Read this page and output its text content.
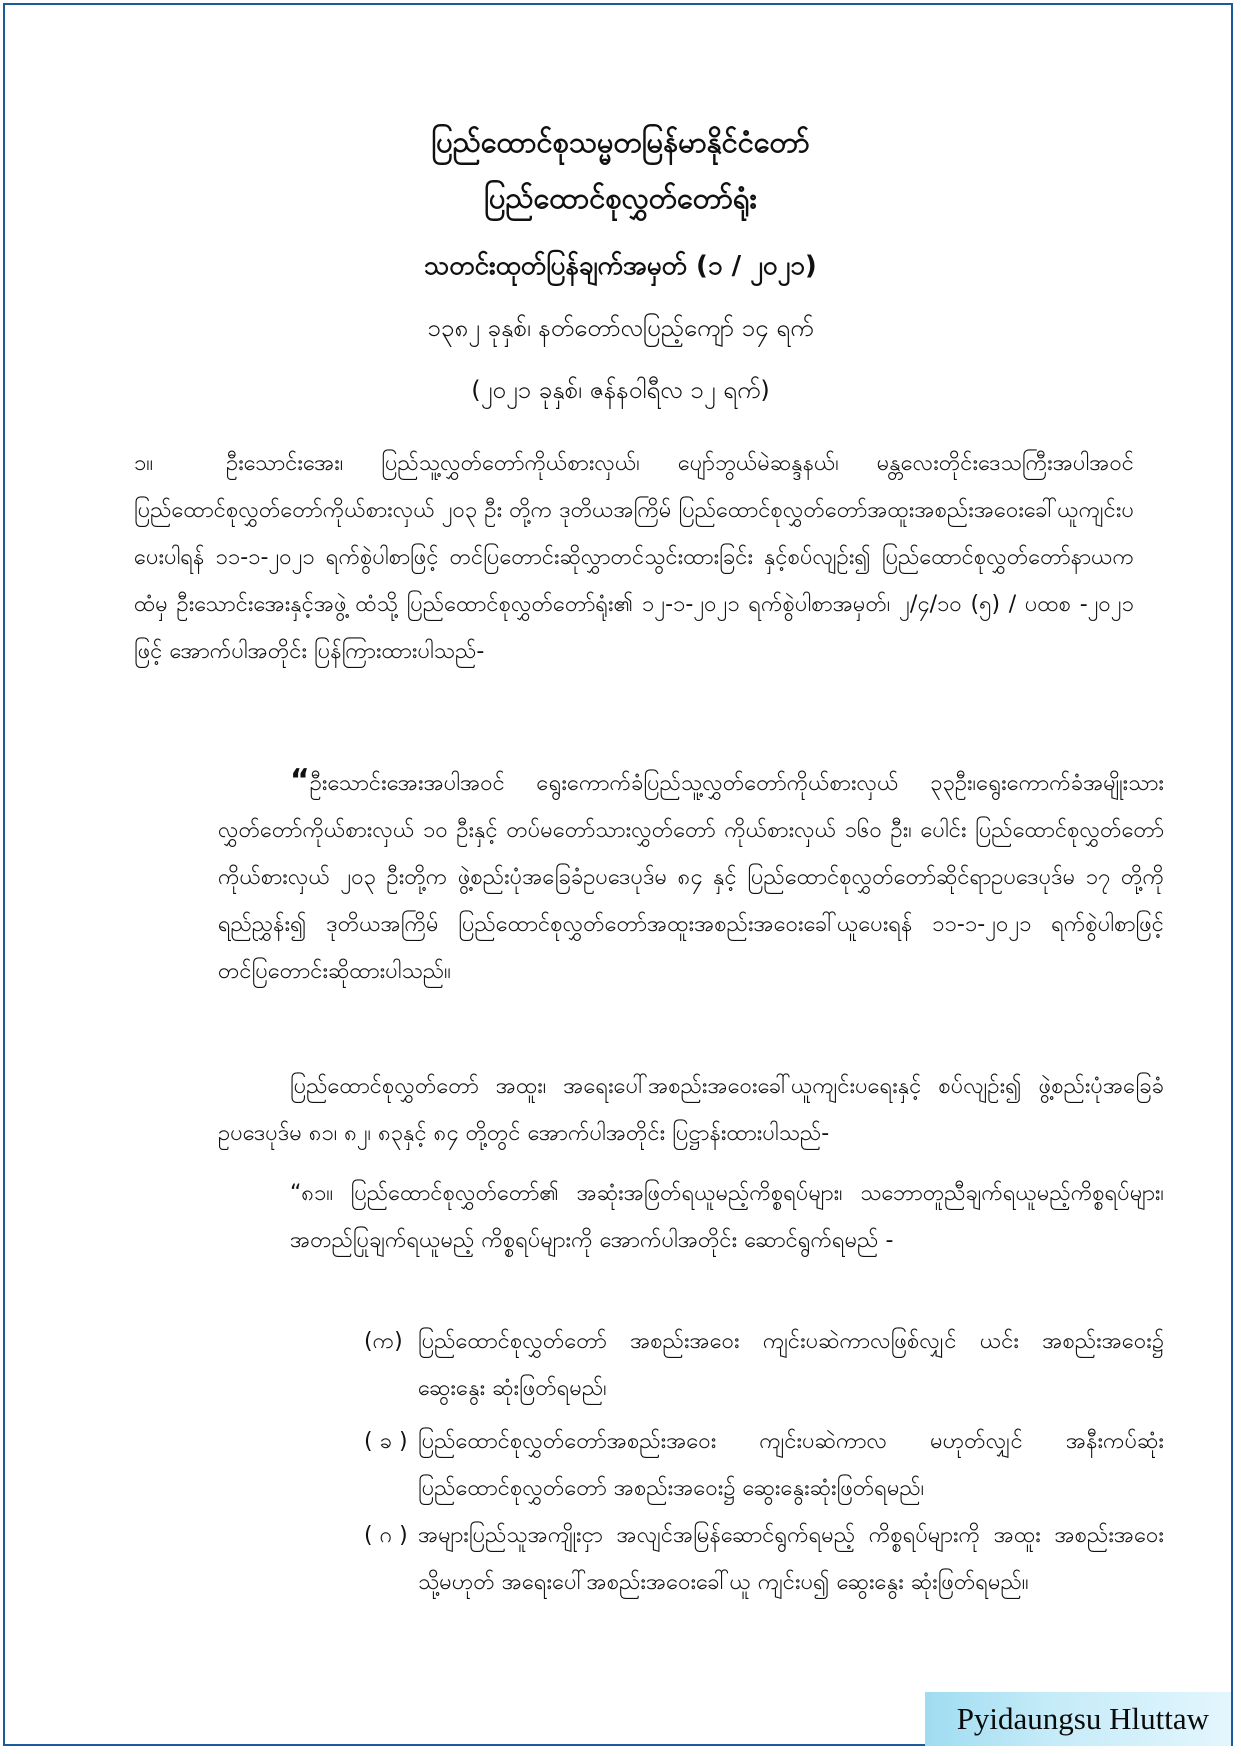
ပြည်ထောင်စုသမ္မတမြန်မာနိုင်ငံတော်
ပြည်ထောင်စုလွှတ်တော်ရုံး
သတင်းထုတ်ပြန်ချက်အမှတ် (၁ / ၂၀၂၁)
၁၃၈၂ ခုနှစ်၊ နတ်တော်လပြည့်ကျော် ၁၄ ရက်
(၂၀၂၁ ခုနှစ်၊ ဇန်နဝါရီလ ၁၂ ရက်)

၁။	ဦးသောင်းအေး၊ ပြည်သူ့လွှတ်တော်ကိုယ်စားလှယ်၊ ပျော်ဘွယ်မဲဆန္ဒနယ်၊ မန္တလေးတိုင်းဒေသကြီးအပါအဝင် ပြည်ထောင်စုလွှတ်တော်ကိုယ်စားလှယ် ၂၀၃ ဦး တို့က ဒုတိယအကြိမ် ပြည်ထောင်စုလွှတ်တော်အထူးအစည်းအဝေးခေါ်ယူကျင်းပပေးပါရန် ၁၁-၁-၂၀၂၁ ရက်စွဲပါစာဖြင့် တင်ပြတောင်းဆိုလွှာတင်သွင်းထားခြင်း နှင့်စပ်လျဉ်း၍ ပြည်ထောင်စုလွှတ်တော်နာယကထံမှ ဦးသောင်းအေးနှင့်အဖွဲ့ ထံသို့ ပြည်ထောင်စုလွှတ်တော်ရုံး၏ ၁၂-၁-၂၀၂၁ ရက်စွဲပါစာအမှတ်၊ ၂/၄/၁၀ (၅) / ပထစ -၂၀၂၁ ဖြင့် အောက်ပါအတိုင်း ပြန်ကြားထားပါသည်-

“ဦးသောင်းအေးအပါအဝင် ရွေးကောက်ခံပြည်သူ့လွှတ်တော်ကိုယ်စားလှယ် ၃၃ဦး၊ရွေးကောက်ခံအမျိုးသားလွှတ်တော်ကိုယ်စားလှယ် ၁၀ ဦးနှင့် တပ်မတော်သားလွှတ်တော် ကိုယ်စားလှယ် ၁၆၀ ဦး၊ ပေါင်း ပြည်ထောင်စုလွှတ်တော်ကိုယ်စားလှယ် ၂၀၃ ဦးတို့က ဖွဲ့စည်းပုံအခြေခံဥပဒေပုဒ်မ ၈၄ နှင့် ပြည်ထောင်စုလွှတ်တော်ဆိုင်ရာဥပဒေပုဒ်မ ၁၇ တို့ကို ရည်ညွှန်း၍ ဒုတိယအကြိမ် ပြည်ထောင်စုလွှတ်တော်အထူးအစည်းအဝေးခေါ်ယူပေးရန် ၁၁-၁-၂၀၂၁ ရက်စွဲပါစာဖြင့် တင်ပြတောင်းဆိုထားပါသည်။

ပြည်ထောင်စုလွှတ်တော် အထူး၊ အရေးပေါ်အစည်းအဝေးခေါ်ယူကျင်းပရေးနှင့် စပ်လျဉ်း၍ ဖွဲ့စည်းပုံအခြေခံဥပဒေပုဒ်မ ၈၁၊ ၈၂၊ ၈၃နှင့် ၈၄ တို့တွင် အောက်ပါအတိုင်း ပြဋ္ဌာန်းထားပါသည်-

“၈၁။ ပြည်ထောင်စုလွှတ်တော်၏ အဆုံးအဖြတ်ရယူမည့်ကိစ္စရပ်များ၊ သဘောတူညီချက်ရယူမည့်ကိစ္စရပ်များ၊ အတည်ပြုချက်ရယူမည့် ကိစ္စရပ်များကို အောက်ပါအတိုင်း ဆောင်ရွက်ရမည် -

(က) ပြည်ထောင်စုလွှတ်တော် အစည်းအဝေး ကျင်းပဆဲကာလဖြစ်လျှင် ယင်း အစည်းအဝေး၌ ဆွေးနွေး ဆုံးဖြတ်ရမည်၊
( ခ ) ပြည်ထောင်စုလွှတ်တော်အစည်းအဝေး ကျင်းပဆဲကာလ မဟုတ်လျှင် အနီးကပ်ဆုံး ပြည်ထောင်စုလွှတ်တော် အစည်းအဝေး၌ ဆွေးနွေးဆုံးဖြတ်ရမည်၊
( ဂ ) အများပြည်သူအကျိုးငှာ အလျင်အမြန်ဆောင်ရွက်ရမည့် ကိစ္စရပ်များကို အထူး အစည်းအဝေး သို့မဟုတ် အရေးပေါ်အစည်းအဝေးခေါ်ယူ ကျင်းပ၍ ဆွေးနွေး ဆုံးဖြတ်ရမည်။
Pyidaungsu Hluttaw
